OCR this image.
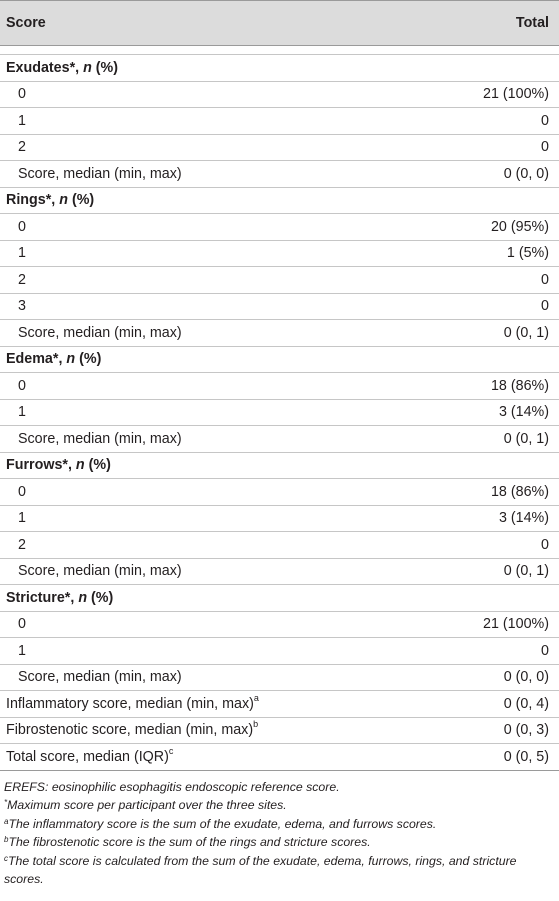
Score	Total

Exudates*, n (%)	
0	21 (100%)
1	0
2	0
Score, median (min, max)	0 (0, 0)
Rings*, n (%)	
0	20 (95%)
1	1 (5%)
2	0
3	0
Score, median (min, max)	0 (0, 1)
Edema*, n (%)	
0	18 (86%)
1	3 (14%)
Score, median (min, max)	0 (0, 1)
Furrows*, n (%)	
0	18 (86%)
1	3 (14%)
2	0
Score, median (min, max)	0 (0, 1)
Stricture*, n (%)	
0	21 (100%)
1	0
Score, median (min, max)	0 (0, 0)
Inflammatory score, median (min, max)$^a$	0 (0, 4)
Fibrostenotic score, median (min, max)$^b$	0 (0, 3)
Total score, median (IQR)$^c$	0 (0, 5)

EREFS: eosinophilic esophagitis endoscopic reference score.

*Maximum score per participant over the three sites.

$^a$The inflammatory score is the sum of the exudate, edema, and furrows scores.

$^b$The fibrostenotic score is the sum of the rings and stricture scores.

$^c$The total score is calculated from the sum of the exudate, edema, furrows, rings, and stricture scores.
